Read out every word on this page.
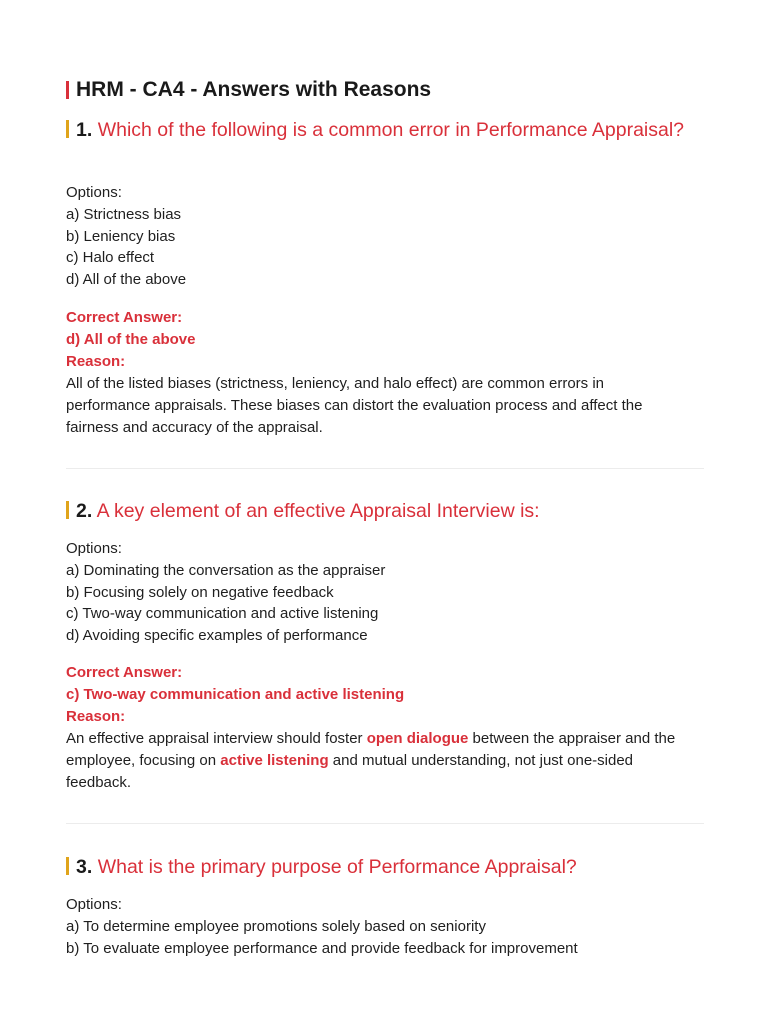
HRM - CA4 - Answers with Reasons
1. Which of the following is a common error in Performance Appraisal?
Options:
a) Strictness bias
b) Leniency bias
c) Halo effect
d) All of the above
Correct Answer:
d) All of the above
Reason:
All of the listed biases (strictness, leniency, and halo effect) are common errors in performance appraisals. These biases can distort the evaluation process and affect the fairness and accuracy of the appraisal.
2. A key element of an effective Appraisal Interview is:
Options:
a) Dominating the conversation as the appraiser
b) Focusing solely on negative feedback
c) Two-way communication and active listening
d) Avoiding specific examples of performance
Correct Answer:
c) Two-way communication and active listening
Reason:
An effective appraisal interview should foster open dialogue between the appraiser and the employee, focusing on active listening and mutual understanding, not just one-sided feedback.
3. What is the primary purpose of Performance Appraisal?
Options:
a) To determine employee promotions solely based on seniority
b) To evaluate employee performance and provide feedback for improvement
